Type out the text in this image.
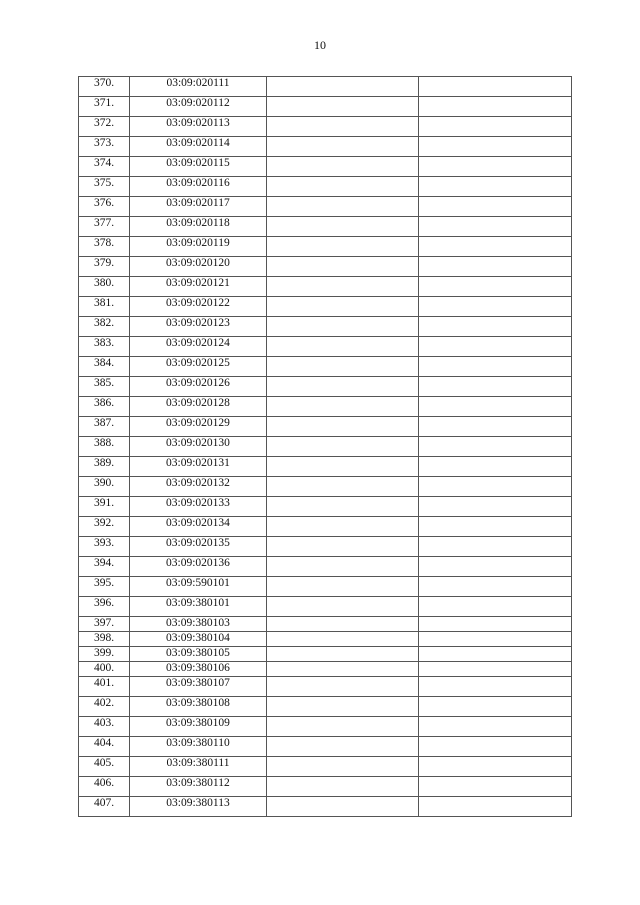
10
370.	03:09:020111		
371.	03:09:020112		
372.	03:09:020113		
373.	03:09:020114		
374.	03:09:020115		
375.	03:09:020116		
376.	03:09:020117		
377.	03:09:020118		
378.	03:09:020119		
379.	03:09:020120		
380.	03:09:020121		
381.	03:09:020122		
382.	03:09:020123		
383.	03:09:020124		
384.	03:09:020125		
385.	03:09:020126		
386.	03:09:020128		
387.	03:09:020129		
388.	03:09:020130		
389.	03:09:020131		
390.	03:09:020132		
391.	03:09:020133		
392.	03:09:020134		
393.	03:09:020135		
394.	03:09:020136		
395.	03:09:590101		
396.	03:09:380101		
397.	03:09:380103		
398.	03:09:380104		
399.	03:09:380105		
400.	03:09:380106		
401.	03:09:380107		
402.	03:09:380108		
403.	03:09:380109		
404.	03:09:380110		
405.	03:09:380111		
406.	03:09:380112		
407.	03:09:380113		
